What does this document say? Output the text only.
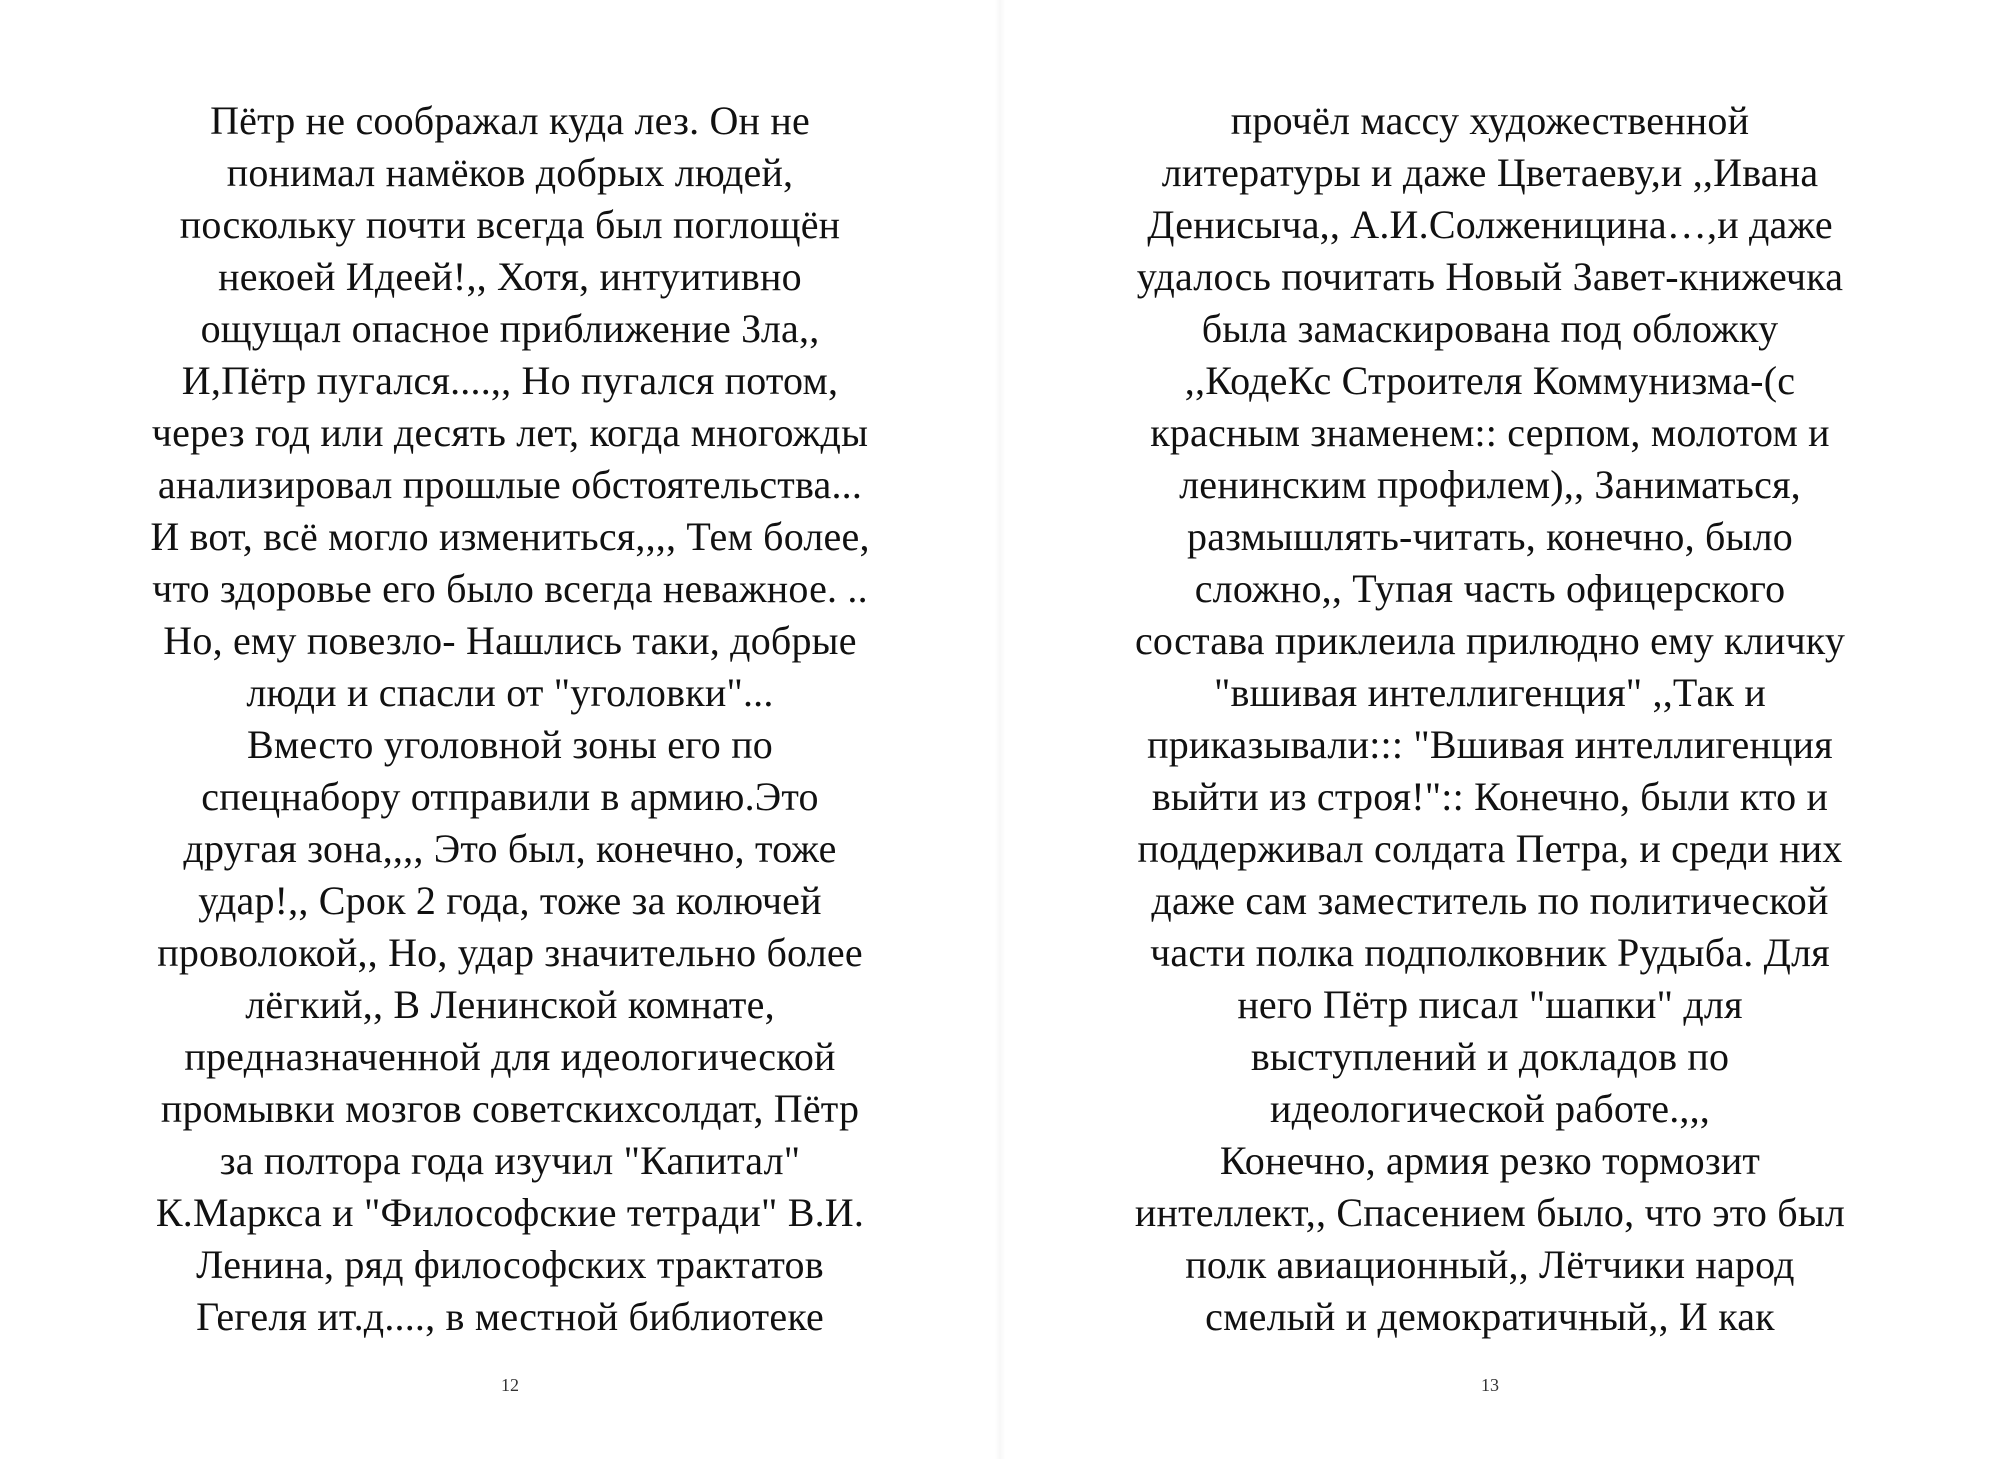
Пётр не соображал куда лез. Он не
понимал намёков добрых людей,
поскольку почти всегда был поглощён
некоей Идеей!,, Хотя, интуитивно
ощущал опасное приближение Зла,,
И,Пётр пугался....,, Но пугался потом,
через год или десять лет, когда многожды
анализировал прошлые обстоятельства...
И вот, всё могло измениться,,,, Тем более,
что здоровье его было всегда неважное. ..
Но, ему повезло- Нашлись таки, добрые
люди и спасли от "уголовки"...
Вместо уголовной зоны его по
спецнабору отправили в армию.Это
другая зона,,,, Это был, конечно, тоже
удар!,, Срок 2 года, тоже за колючей
проволокой,, Но, удар значительно более
лёгкий,, В Ленинской комнате,
предназначенной для идеологической
промывки мозгов советскихсолдат, Пётр
за полтора года изучил "Капитал"
К.Маркса и "Философские тетради" В.И.
Ленина, ряд философских трактатов
Гегеля ит.д...., в местной библиотеке
12
прочёл массу художественной
литературы и даже Цветаеву,и ,,Ивана
Денисыча,, А.И.Солженицина…,и даже
удалось почитать Новый Завет-книжечка
была замаскирована под обложку
,,КодеКс Строителя Коммунизма-(с
красным знаменем:: серпом, молотом и
ленинским профилем),, Заниматься,
размышлять-читать, конечно, было
сложно,, Тупая часть офицерского
состава приклеила прилюдно ему кличку
"вшивая интеллигенция" ,,Так и
приказывали::: "Вшивая интеллигенция
выйти из строя!":: Конечно, были кто и
поддерживал солдата Петра, и среди них
даже сам заместитель по политической
части полка подполковник Рудыба. Для
него Пётр писал "шапки" для
выступлений и докладов по
идеологической работе.,,,
Конечно, армия резко тормозит
интеллект,, Спасением было, что это был
полк авиационный,, Лётчики народ
смелый и демократичный,, И как
13
